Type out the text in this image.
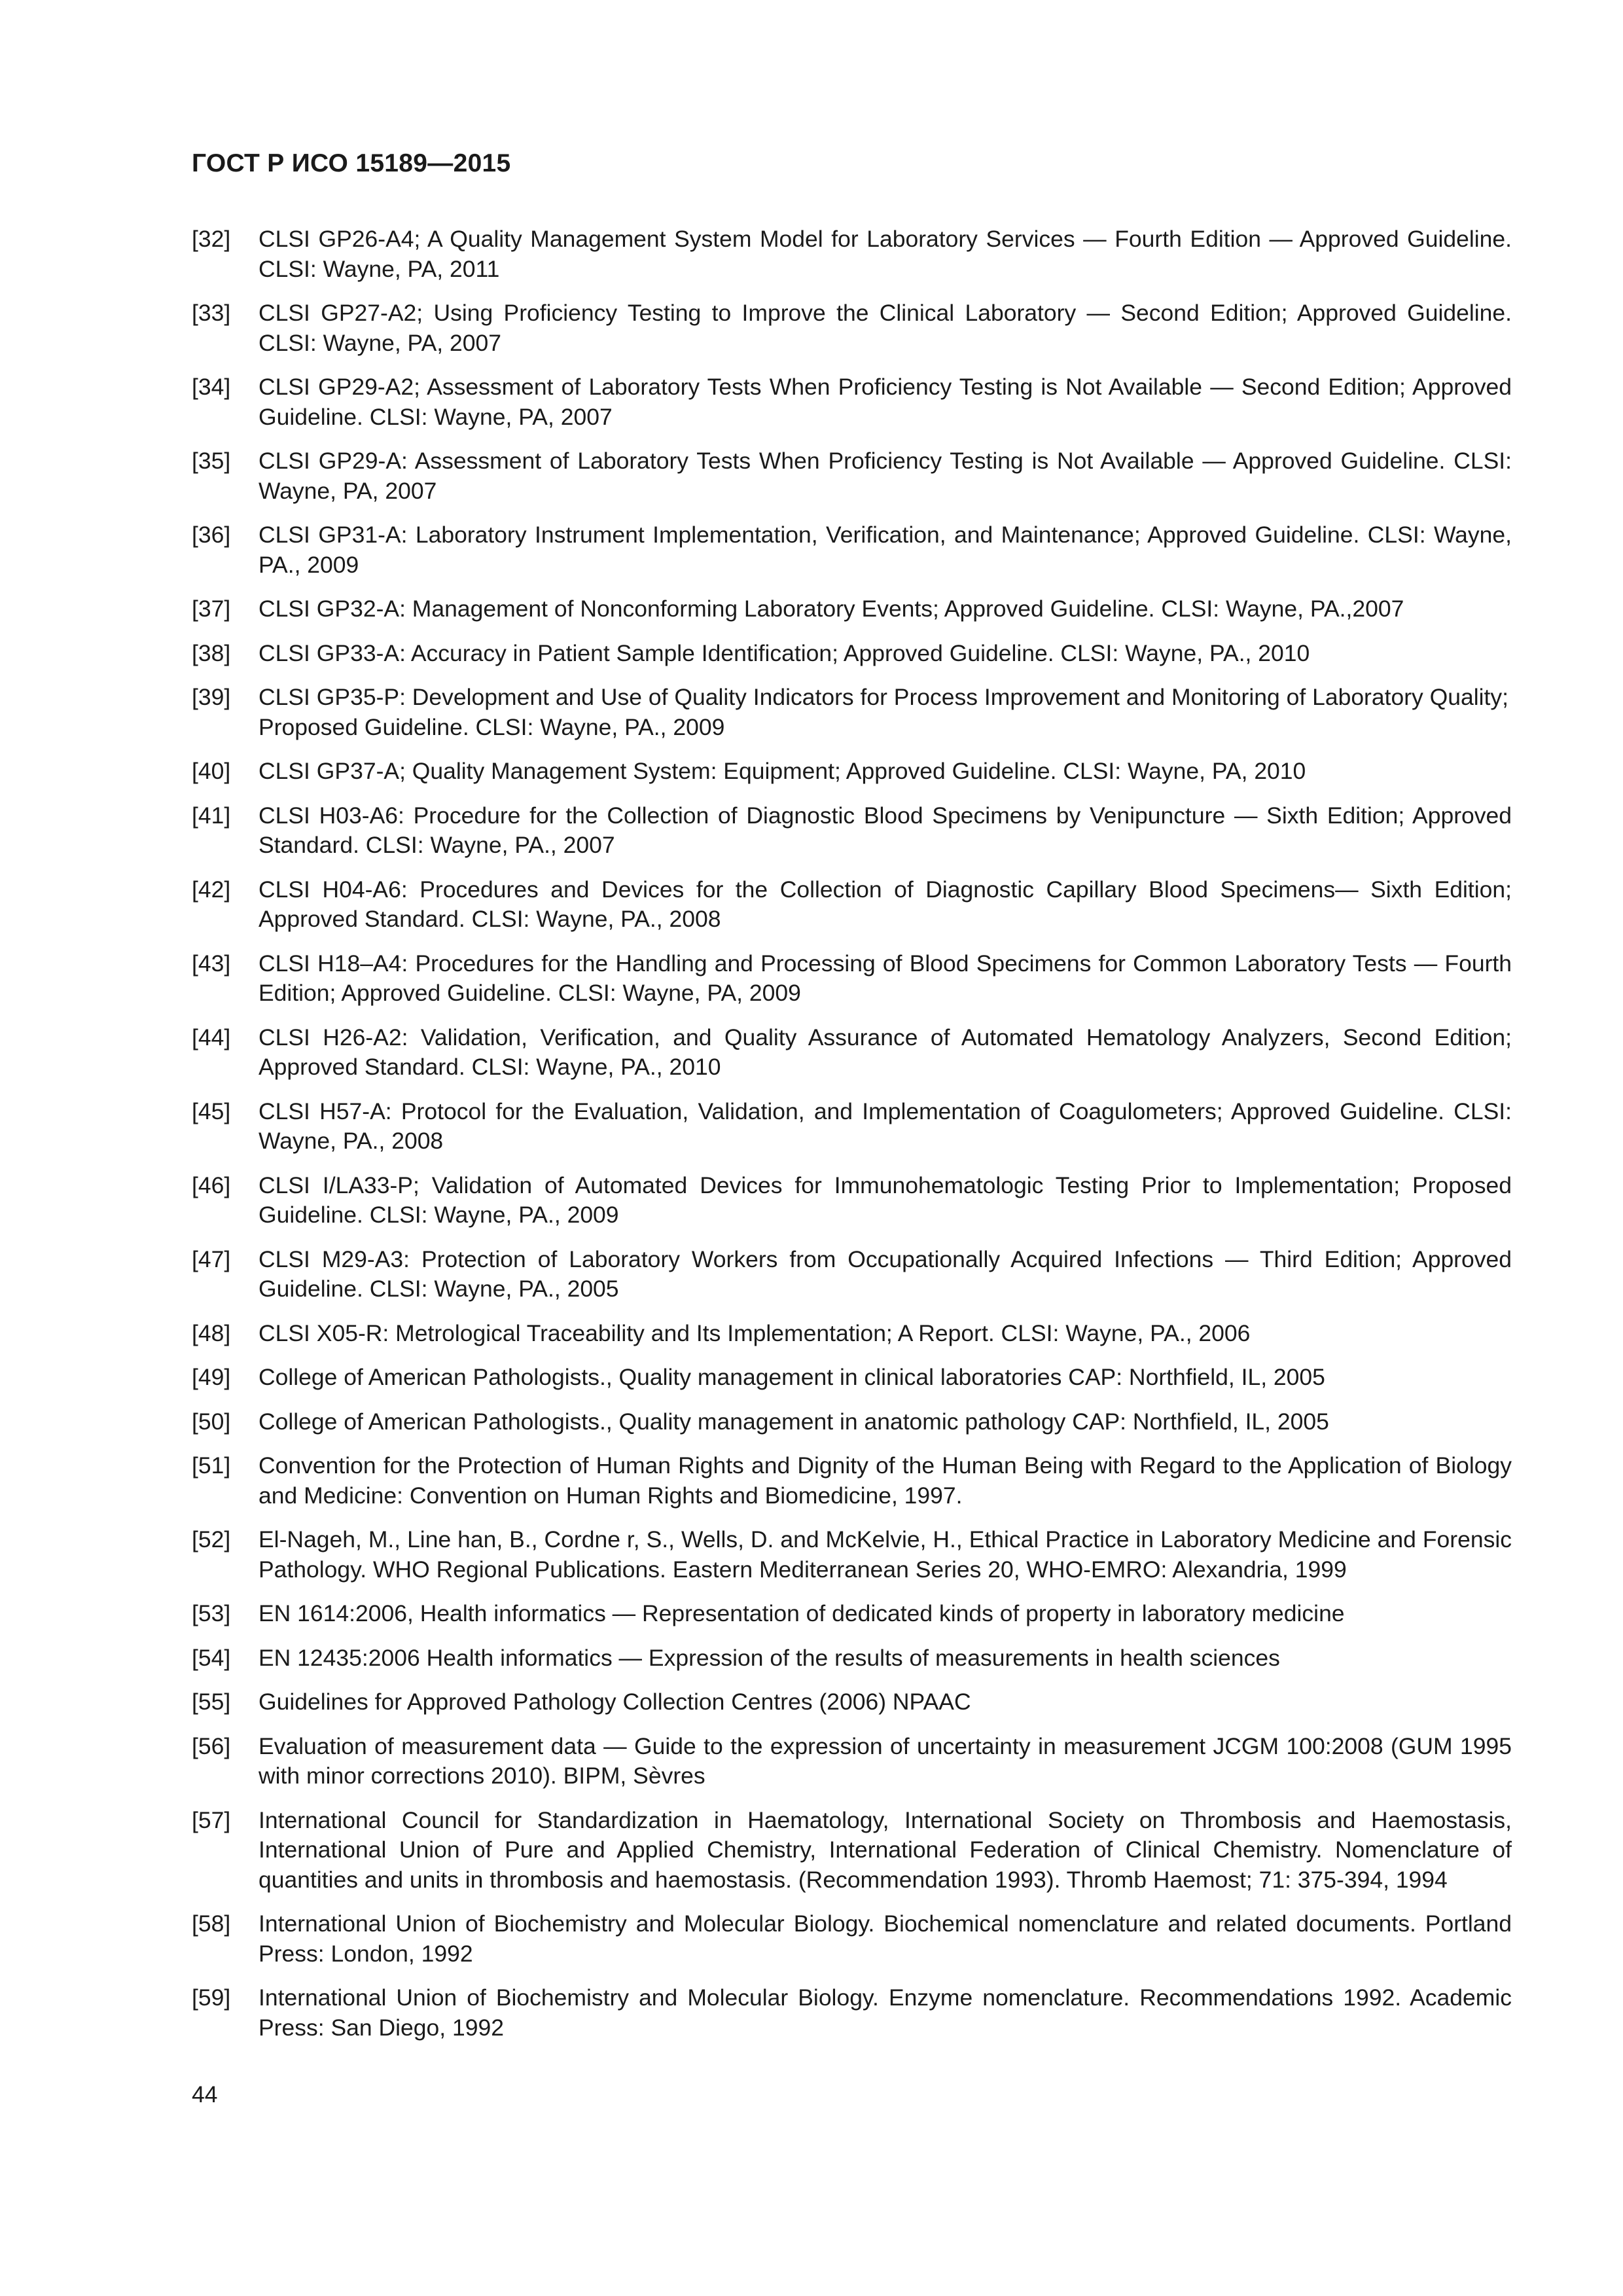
ГОСТ Р ИСО 15189—2015
[32]	CLSI GP26-A4; A Quality Management System Model for Laboratory Services — Fourth Edition — Approved Guideline. CLSI: Wayne, PA, 2011
[33]	CLSI GP27-A2; Using Proficiency Testing to Improve the Clinical Laboratory — Second Edition; Approved Guideline. CLSI: Wayne, PA, 2007
[34]	CLSI GP29-A2; Assessment of Laboratory Tests When Proficiency Testing is Not Available — Second Edition; Approved Guideline. CLSI: Wayne, PA, 2007
[35]	CLSI GP29-A: Assessment of Laboratory Tests When Proficiency Testing is Not Available — Approved Guideline. CLSI: Wayne, PA, 2007
[36]	CLSI GP31-A: Laboratory Instrument Implementation, Verification, and Maintenance; Approved Guideline. CLSI: Wayne, PA., 2009
[37]	CLSI GP32-A: Management of Nonconforming Laboratory Events; Approved Guideline. CLSI: Wayne, PA.,2007
[38]	CLSI GP33-A: Accuracy in Patient Sample Identification; Approved Guideline. CLSI: Wayne, PA., 2010
[39]	CLSI GP35-P: Development and Use of Quality Indicators for Process Improvement and Monitoring of Laboratory Quality; Proposed Guideline. CLSI: Wayne, PA., 2009
[40]	CLSI GP37-A; Quality Management System: Equipment; Approved Guideline. CLSI: Wayne, PA, 2010
[41]	CLSI H03-A6: Procedure for the Collection of Diagnostic Blood Specimens by Venipuncture — Sixth Edition; Approved Standard. CLSI: Wayne, PA., 2007
[42]	CLSI H04-A6: Procedures and Devices for the Collection of Diagnostic Capillary Blood Specimens— Sixth Edition; Approved Standard. CLSI: Wayne, PA., 2008
[43]	CLSI H18–A4: Procedures for the Handling and Processing of Blood Specimens for Common Laboratory Tests — Fourth Edition; Approved Guideline. CLSI: Wayne, PA, 2009
[44]	CLSI H26-A2: Validation, Verification, and Quality Assurance of Automated Hematology Analyzers, Second Edition; Approved Standard. CLSI: Wayne, PA., 2010
[45]	CLSI H57-A: Protocol for the Evaluation, Validation, and Implementation of Coagulometers; Approved Guideline. CLSI: Wayne, PA., 2008
[46]	CLSI I/LA33-P; Validation of Automated Devices for Immunohematologic Testing Prior to Implementation; Proposed Guideline. CLSI: Wayne, PA., 2009
[47]	CLSI M29-A3: Protection of Laboratory Workers from Occupationally Acquired Infections — Third Edition; Approved Guideline. CLSI: Wayne, PA., 2005
[48]	CLSI X05-R: Metrological Traceability and Its Implementation; A Report. CLSI: Wayne, PA., 2006
[49]	College of American Pathologists., Quality management in clinical laboratories CAP: Northfield, IL, 2005
[50]	College of American Pathologists., Quality management in anatomic pathology CAP: Northfield, IL, 2005
[51]	Convention for the Protection of Human Rights and Dignity of the Human Being with Regard to the Application of Biology and Medicine: Convention on Human Rights and Biomedicine, 1997.
[52]	El-Nageh, M., Line han, B., Cordne r, S., Wells, D. and McKelvie, H., Ethical Practice in Laboratory Medicine and Forensic Pathology. WHO Regional Publications. Eastern Mediterranean Series 20, WHO-EMRO: Alexandria, 1999
[53]	EN 1614:2006, Health informatics — Representation of dedicated kinds of property in laboratory medicine
[54]	EN 12435:2006 Health informatics — Expression of the results of measurements in health sciences
[55]	Guidelines for Approved Pathology Collection Centres (2006) NPAAC
[56]	Evaluation of measurement data — Guide to the expression of uncertainty in measurement JCGM 100:2008 (GUM 1995 with minor corrections 2010). BIPM, Sèvres
[57]	International Council for Standardization in Haematology, International Society on Thrombosis and Haemostasis, International Union of Pure and Applied Chemistry, International Federation of Clinical Chemistry. Nomenclature of quantities and units in thrombosis and haemostasis. (Recommendation 1993). Thromb Haemost; 71: 375-394, 1994
[58]	International Union of Biochemistry and Molecular Biology. Biochemical nomenclature and related documents. Portland Press: London, 1992
[59]	International Union of Biochemistry and Molecular Biology. Enzyme nomenclature. Recommendations 1992. Academic Press: San Diego, 1992
44
